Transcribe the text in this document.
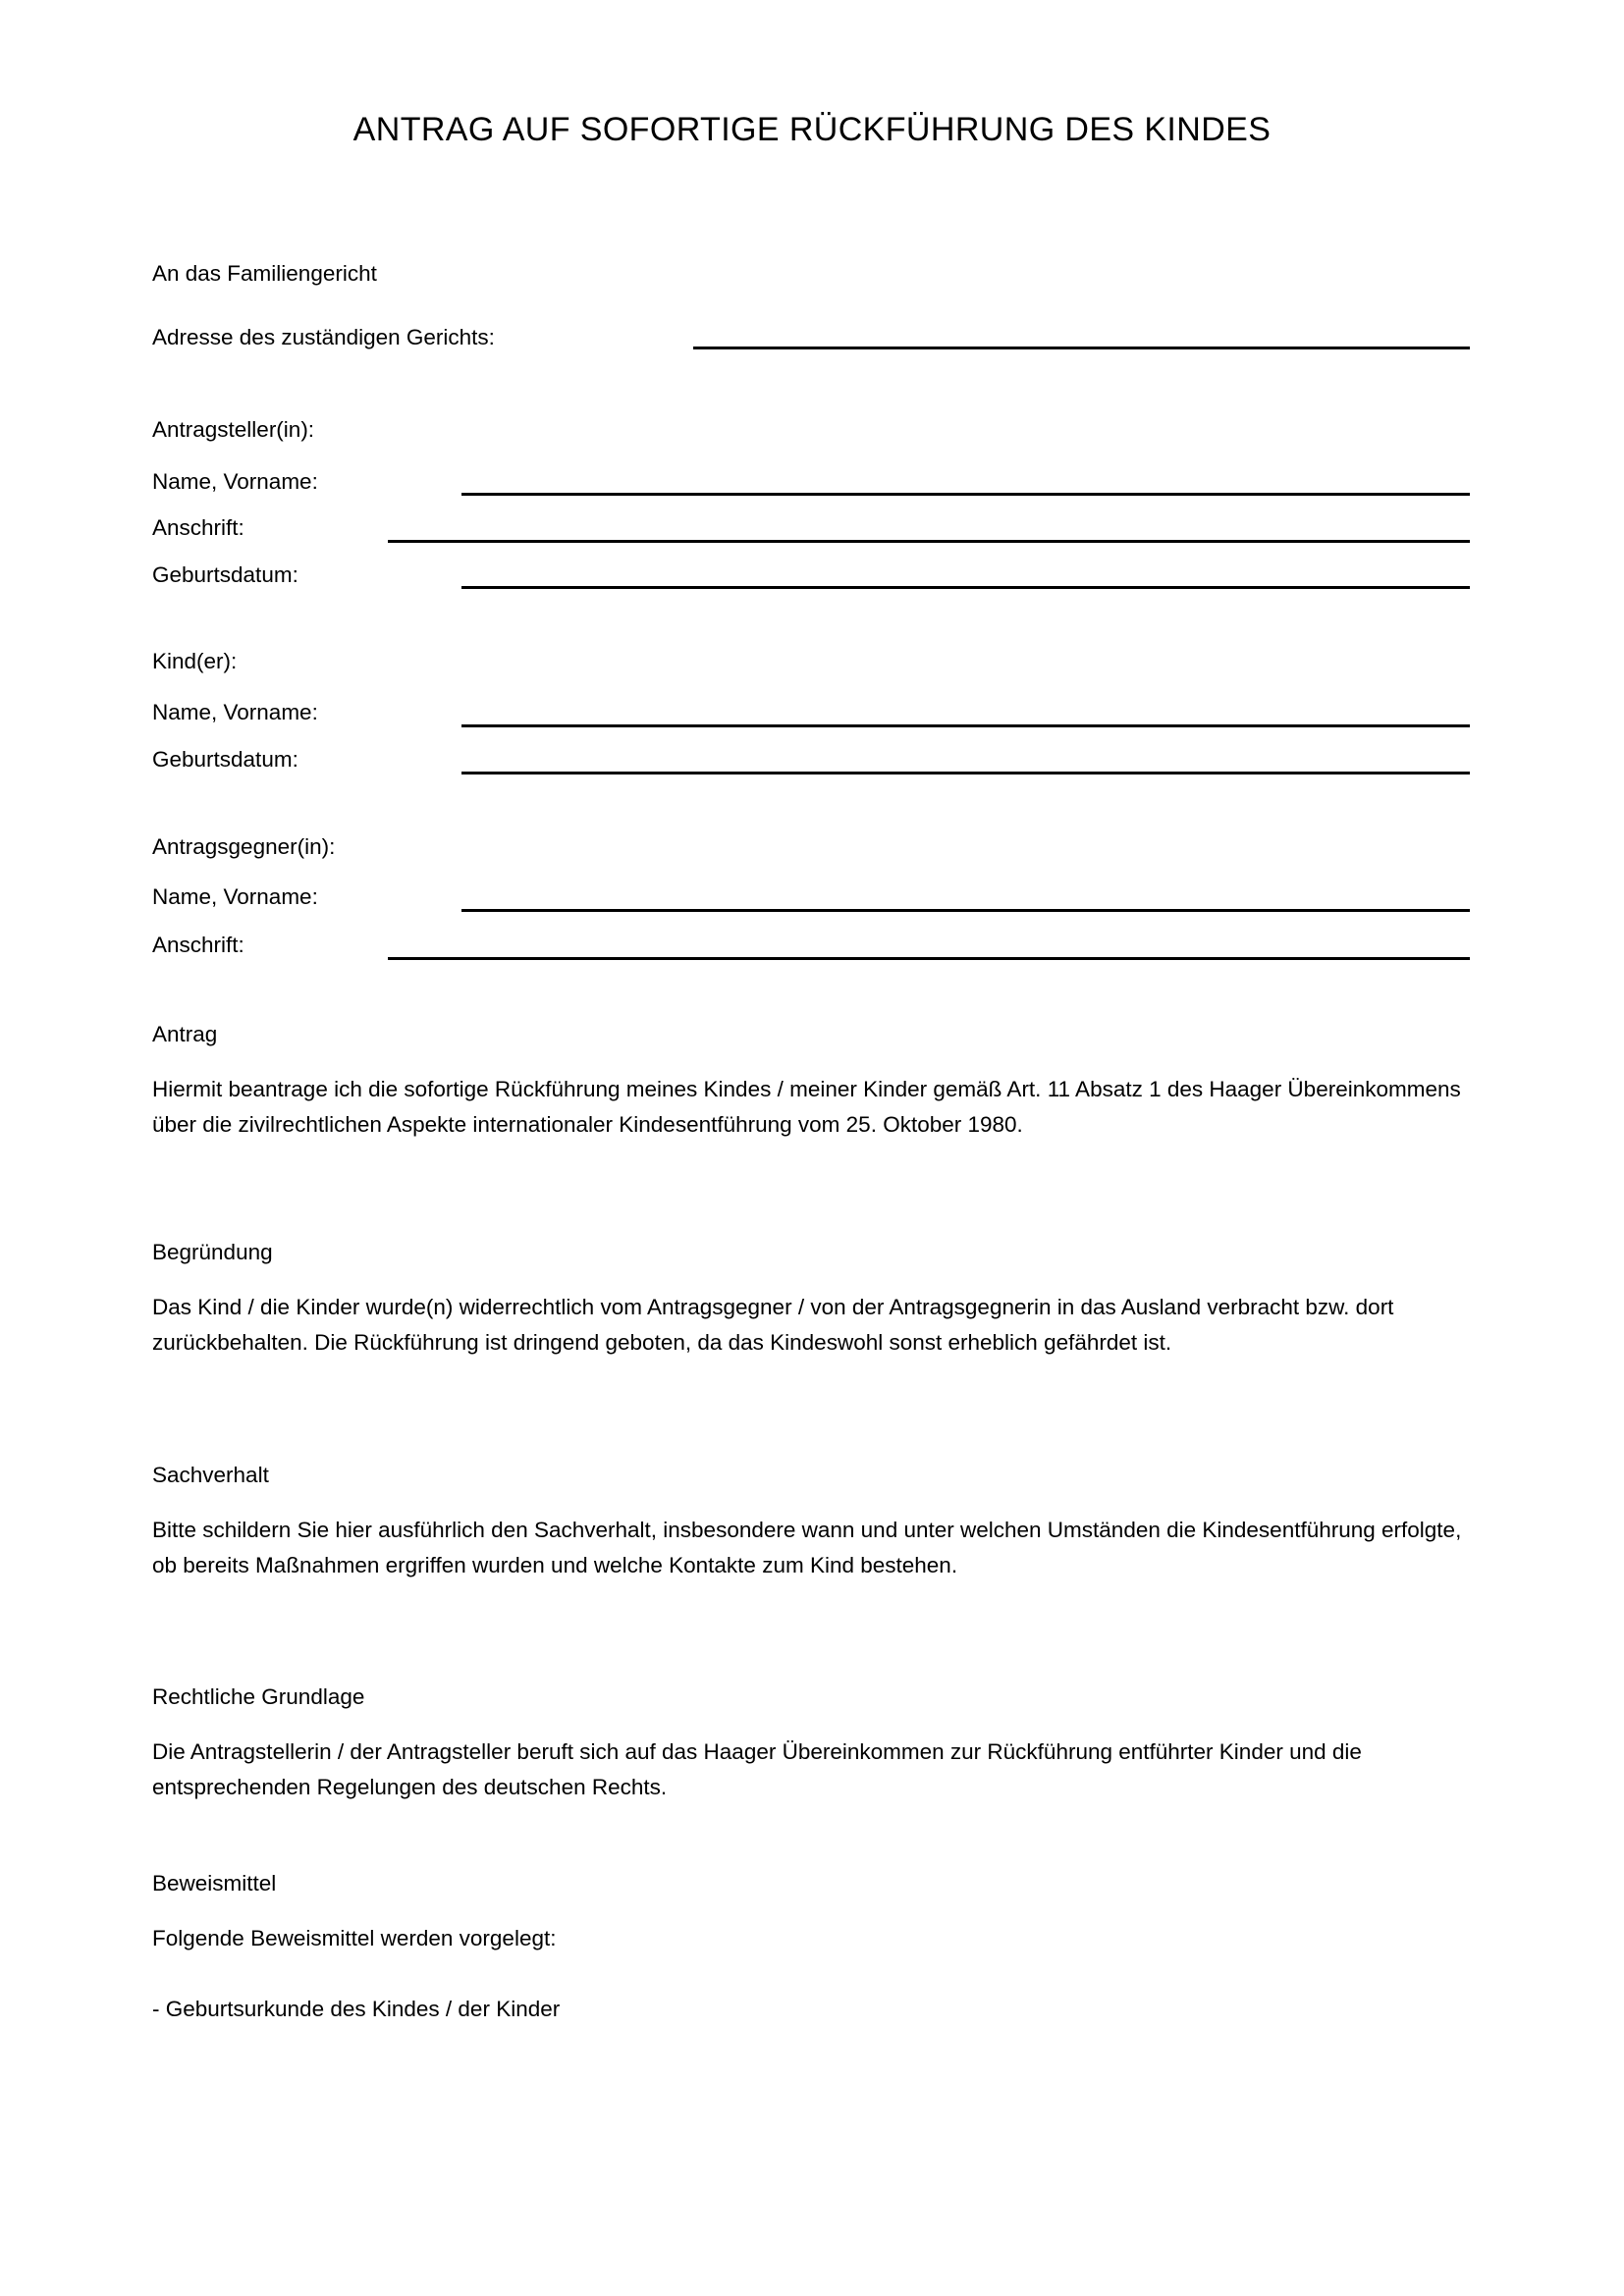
ANTRAG AUF SOFORTIGE RÜCKFÜHRUNG DES KINDES
An das Familiengericht
Adresse des zuständigen Gerichts:
Antragsteller(in):
Name, Vorname:
Anschrift:
Geburtsdatum:
Kind(er):
Name, Vorname:
Geburtsdatum:
Antragsgegner(in):
Name, Vorname:
Anschrift:
Antrag

Hiermit beantrage ich die sofortige Rückführung meines Kindes / meiner Kinder gemäß Art. 11 Absatz 1 des Haager Übereinkommens über die zivilrechtlichen Aspekte internationaler Kindesentführung vom 25. Oktober 1980.

Begründung

Das Kind / die Kinder wurde(n) widerrechtlich vom Antragsgegner / von der Antragsgegnerin in das Ausland verbracht bzw. dort zurückbehalten. Die Rückführung ist dringend geboten, da das Kindeswohl sonst erheblich gefährdet ist.

Sachverhalt

Bitte schildern Sie hier ausführlich den Sachverhalt, insbesondere wann und unter welchen Umständen die Kindesentführung erfolgte, ob bereits Maßnahmen ergriffen wurden und welche Kontakte zum Kind bestehen.

Rechtliche Grundlage

Die Antragstellerin / der Antragsteller beruft sich auf das Haager Übereinkommen zur Rückführung entführter Kinder und die entsprechenden Regelungen des deutschen Rechts.

Beweismittel

Folgende Beweismittel werden vorgelegt:

- Geburtsurkunde des Kindes / der Kinder
